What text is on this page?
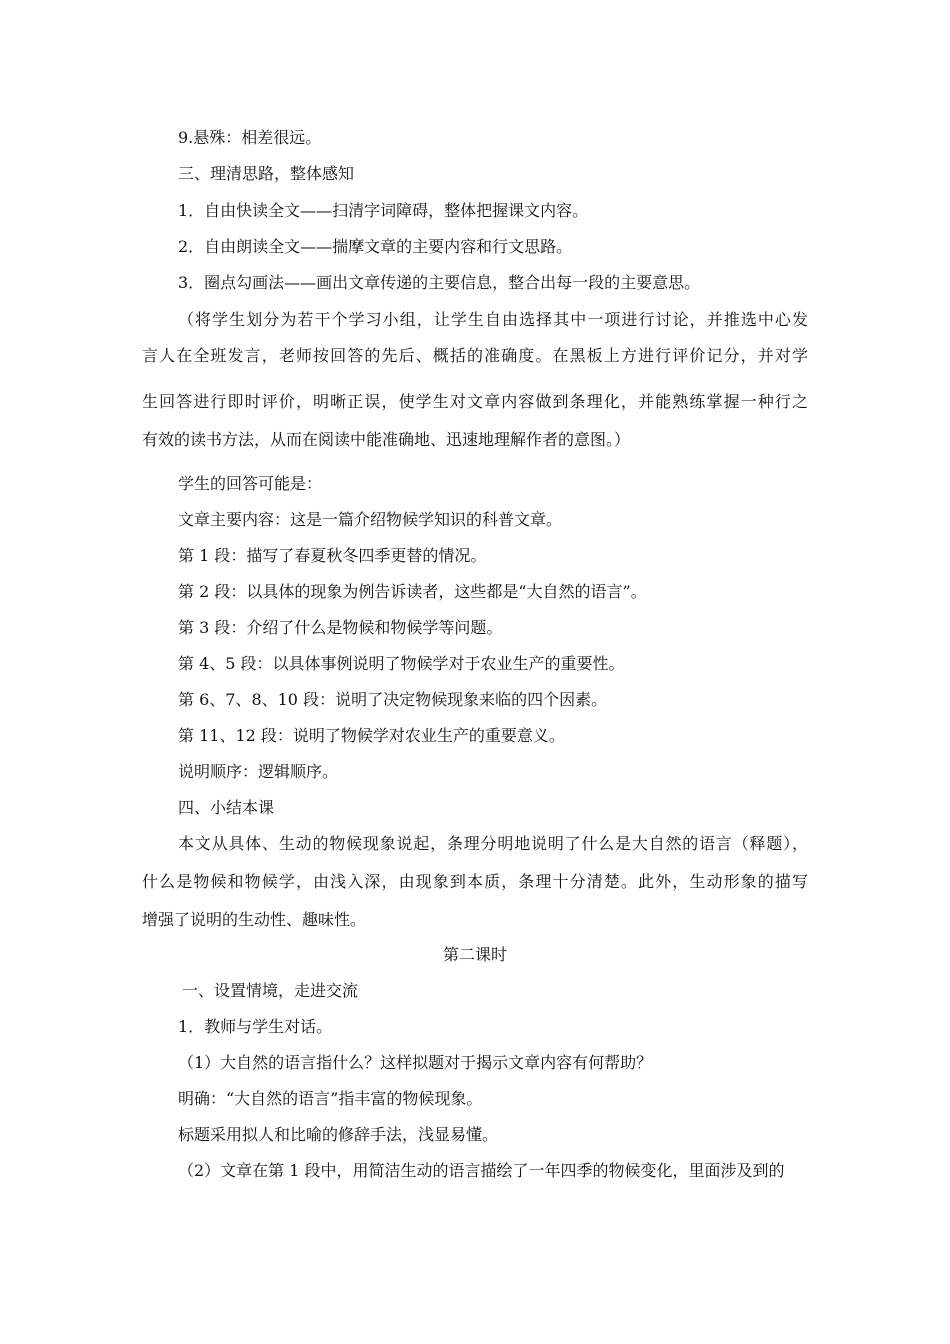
9.悬殊：相差很远。

三、理清思路，整体感知

1．自由快读全文——扫清字词障碍，整体把握课文内容。

2．自由朗读全文——揣摩文章的主要内容和行文思路。

3．圈点勾画法——画出文章传递的主要信息，整合出每一段的主要意思。

（将学生划分为若干个学习小组，让学生自由选择其中一项进行讨论，并推选中心发

言人在全班发言，老师按回答的先后、概括的准确度。在黑板上方进行评价记分，并对学

生回答进行即时评价，明晰正误，使学生对文章内容做到条理化，并能熟练掌握一种行之

有效的读书方法，从而在阅读中能准确地、迅速地理解作者的意图。）

学生的回答可能是：

文章主要内容：这是一篇介绍物候学知识的科普文章。

第 1 段：描写了春夏秋冬四季更替的情况。

第 2 段：以具体的现象为例告诉读者，这些都是“大自然的语言”。

第 3 段：介绍了什么是物候和物候学等问题。

第 4、5 段：以具体事例说明了物候学对于农业生产的重要性。

第 6、7、8、10 段：说明了决定物候现象来临的四个因素。

第 11、12 段：说明了物候学对农业生产的重要意义。

说明顺序：逻辑顺序。

四、小结本课

本文从具体、生动的物候现象说起，条理分明地说明了什么是大自然的语言（释题），

什么是物候和物候学，由浅入深，由现象到本质，条理十分清楚。此外，生动形象的描写

增强了说明的生动性、趣味性。

第二课时

一、设置情境，走进交流

1．教师与学生对话。

（1）大自然的语言指什么？这样拟题对于揭示文章内容有何帮助？

明确：“大自然的语言”指丰富的物候现象。

标题采用拟人和比喻的修辞手法，浅显易懂。

（2）文章在第 1 段中，用简洁生动的语言描绘了一年四季的物候变化，里面涉及到的
